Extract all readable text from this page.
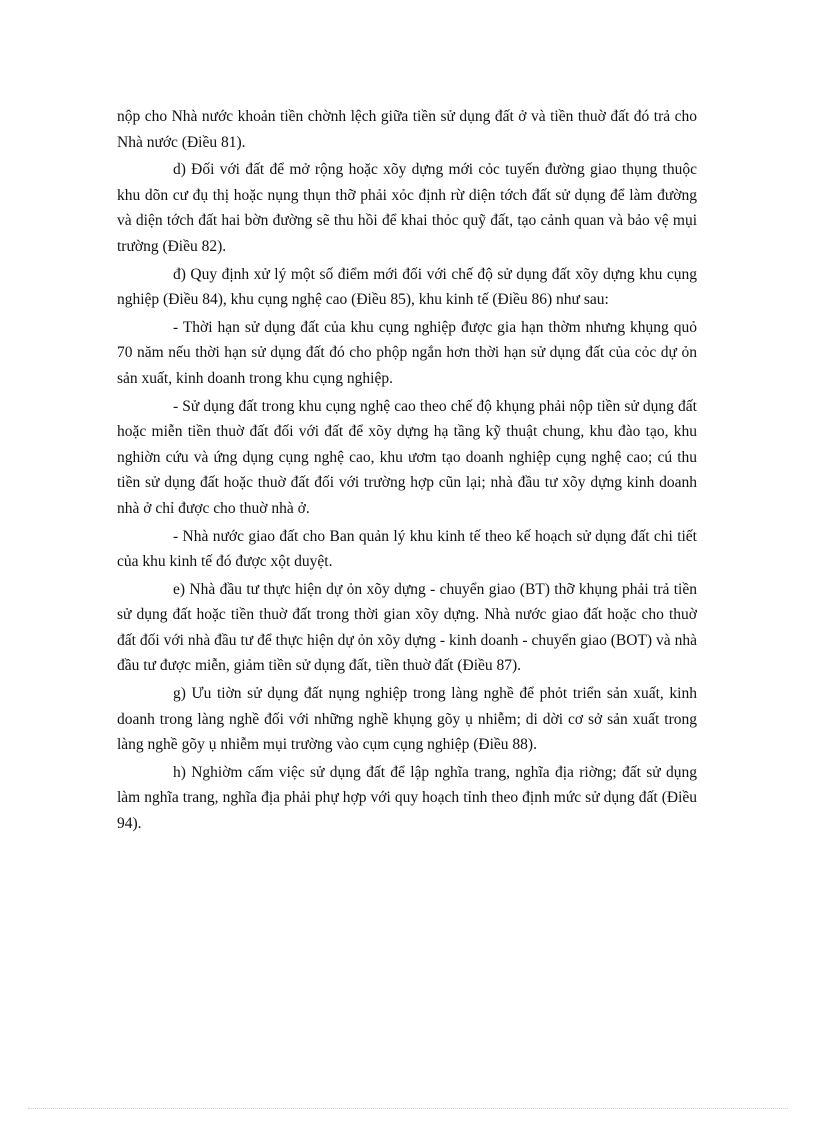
nộp cho Nhà nước khoản tiền chờnh lệch giữa tiền sử dụng đất ở và tiền thuờ đất đó trả cho Nhà nước (Điều 81).

d) Đối với đất để mở rộng hoặc xõy dựng mới cỏc tuyến đường giao thụng thuộc khu dõn cư đụ thị hoặc nụng thụn thỡ phải xỏc định rừ diện tớch đất sử dụng để làm đường và diện tớch đất hai bờn đường sẽ thu hồi để khai thỏc quỹ đất, tạo cảnh quan và bảo vệ mụi trường (Điều 82).

đ) Quy định xử lý một số điểm mới đối với chế độ sử dụng đất xõy dựng khu cụng nghiệp (Điều 84), khu cụng nghệ cao (Điều 85), khu kinh tế (Điều 86) như sau:

- Thời hạn sử dụng đất của khu cụng nghiệp được gia hạn thờm nhưng khụng quỏ 70 năm nếu thời hạn sử dụng đất đó cho phộp ngắn hơn thời hạn sử dụng đất của cỏc dự ỏn sản xuất, kinh doanh trong khu cụng nghiệp.

- Sử dụng đất trong khu cụng nghệ cao theo chế độ khụng phải nộp tiền sử dụng đất hoặc miễn tiền thuờ đất đối với đất để xõy dựng hạ tầng kỹ thuật chung, khu đào tạo, khu nghiờn cứu và ứng dụng cụng nghệ cao, khu ươm tạo doanh nghiệp cụng nghệ cao; cú thu tiền sử dụng đất hoặc thuờ đất đối với trường hợp cũn lại; nhà đầu tư xõy dựng kinh doanh nhà ở chỉ được cho thuờ nhà ở.

- Nhà nước giao đất cho Ban quản lý khu kinh tế theo kế hoạch sử dụng đất chi tiết của khu kinh tế đó được xột duyệt.

e) Nhà đầu tư thực hiện dự ỏn xõy dựng - chuyển giao (BT) thỡ khụng phải trả tiền sử dụng đất hoặc tiền thuờ đất trong thời gian xõy dựng. Nhà nước giao đất hoặc cho thuờ đất đối với nhà đầu tư để thực hiện dự ỏn xõy dựng - kinh doanh - chuyển giao (BOT) và nhà đầu tư được miễn, giảm tiền sử dụng đất, tiền thuờ đất (Điều 87).

g) Ưu tiờn sử dụng đất nụng nghiệp trong làng nghề để phỏt triển sản xuất, kinh doanh trong làng nghề đối với những nghề khụng gõy ụ nhiễm; di dời cơ sở sản xuất trong làng nghề gõy ụ nhiễm mụi trường vào cụm cụng nghiệp (Điều 88).

h) Nghiờm cấm việc sử dụng đất để lập nghĩa trang, nghĩa địa riờng; đất sử dụng làm nghĩa trang, nghĩa địa phải phự hợp với quy hoạch tỉnh theo định mức sử dụng đất (Điều 94).
